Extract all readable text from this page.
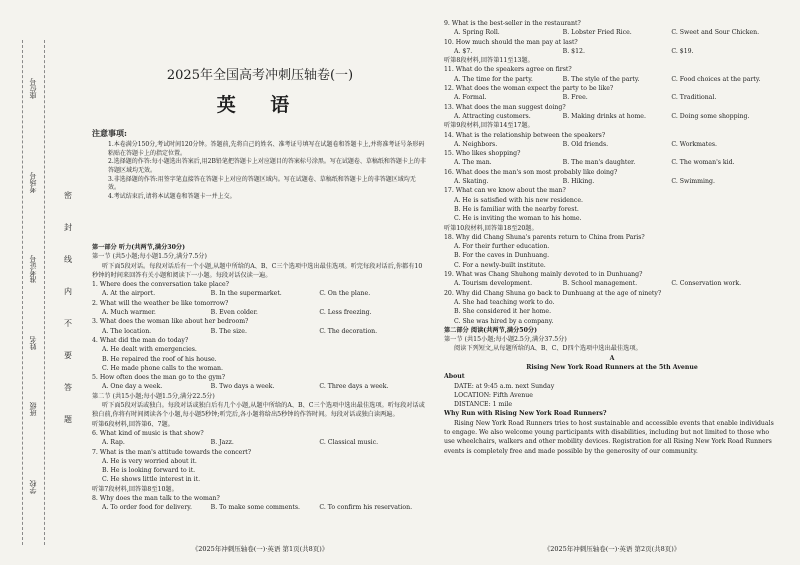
座位号
考场号
准考证号
姓名
班级
学校
密
封
线
内
不
要
答
题
2025年全国高考冲刺压轴卷(一)
英 语
注意事项:
1.本卷满分150分,考试时间120分钟。答题前,先将自己的姓名、准考证号填写在试题卷和答题卡上,并将准考证号条形码粘贴在答题卡上的指定位置。
2.选择题的作答:每小题选出答案后,用2B铅笔把答题卡上对应题目的答案标号涂黑。写在试题卷、草稿纸和答题卡上的非答题区域均无效。
3.非选择题的作答:用签字笔直接答在答题卡上对应的答题区域内。写在试题卷、草稿纸和答题卡上的非答题区域均无效。
4.考试结束后,请将本试题卷和答题卡一并上交。
第一部分 听力(共两节,满分30分)
第一节 (共5小题;每小题1.5分,满分7.5分)
听下面5段对话。每段对话后有一个小题,从题中所给的A、B、C三个选项中选出最佳选项。听完每段对话后,你都有10秒钟的时间来回答有关小题和阅读下一小题。每段对话仅读一遍。
1. Where does the conversation take place?
A. At the airport.	B. In the supermarket.	C. On the plane.
2. What will the weather be like tomorrow?
A. Much warmer.	B. Even colder.	C. Less freezing.
3. What does the woman like about her bedroom?
A. The location.	B. The size.	C. The decoration.
4. What did the man do today?
A. He dealt with emergencies.
B. He repaired the roof of his house.
C. He made phone calls to the woman.
5. How often does the man go to the gym?
A. One day a week.	B. Two days a week.	C. Three days a week.
第二节 (共15小题;每小题1.5分,满分22.5分)
听下面5段对话或独白。每段对话或独白后有几个小题,从题中所给的A、B、C三个选项中选出最佳选项。听每段对话或独白前,你将有时间阅读各个小题,每小题5秒钟;听完后,各小题将给出5秒钟的作答时间。每段对话或独白读两遍。
听第6段材料,回答第6、7题。
6. What kind of music is that show?
A. Rap.	B. Jazz.	C. Classical music.
7. What is the man's attitude towards the concert?
A. He is very worried about it.
B. He is looking forward to it.
C. He shows little interest in it.
听第7段材料,回答第8至10题。
8. Why does the man talk to the woman?
A. To order food for delivery.	B. To make some comments.	C. To confirm his reservation.
《2025年冲刺压轴卷(一)·英语 第1页(共8页)》
9. What is the best-seller in the restaurant?
A. Spring Roll.	B. Lobster Fried Rice.	C. Sweet and Sour Chicken.
10. How much should the man pay at last?
A. $7.	B. $12.	C. $19.
听第8段材料,回答第11至13题。
11. What do the speakers agree on first?
A. The time for the party.	B. The style of the party.	C. Food choices at the party.
12. What does the woman expect the party to be like?
A. Formal.	B. Free.	C. Traditional.
13. What does the man suggest doing?
A. Attracting customers.	B. Making drinks at home.	C. Doing some shopping.
听第9段材料,回答第14至17题。
14. What is the relationship between the speakers?
A. Neighbors.	B. Old friends.	C. Workmates.
15. Who likes shopping?
A. The man.	B. The man's daughter.	C. The woman's kid.
16. What does the man's son most probably like doing?
A. Skating.	B. Hiking.	C. Swimming.
17. What can we know about the man?
A. He is satisfied with his new residence.
B. He is familiar with the nearby forest.
C. He is inviting the woman to his home.
听第10段材料,回答第18至20题。
18. Why did Chang Shuna's parents return to China from Paris?
A. For their further education.
B. For the caves in Dunhuang.
C. For a newly-built institute.
19. What was Chang Shuhong mainly devoted to in Dunhuang?
A. Tourism development.	B. School management.	C. Conservation work.
20. Why did Chang Shuna go back to Dunhuang at the age of ninety?
A. She had teaching work to do.
B. She considered it her home.
C. She was hired by a company.
第二部分 阅读(共两节,满分50分)
第一节 (共15小题;每小题2.5分,满分37.5分)
阅读下列短文,从每题所给的A、B、C、D四个选项中选出最佳选项。
A
Rising New York Road Runners at the 5th Avenue
About
DATE: at 9:45 a.m. next Sunday
LOCATION: Fifth Avenue
DISTANCE: 1 mile
Why Run with Rising New York Road Runners?
Rising New York Road Runners tries to host sustainable and accessible events that enable individuals to engage. We also welcome young participants with disabilities, including but not limited to those who use wheelchairs, walkers and other mobility devices. Registration for all Rising New York Road Runners events is completely free and made possible by the generosity of our community.
《2025年冲刺压轴卷(一)·英语 第2页(共8页)》
